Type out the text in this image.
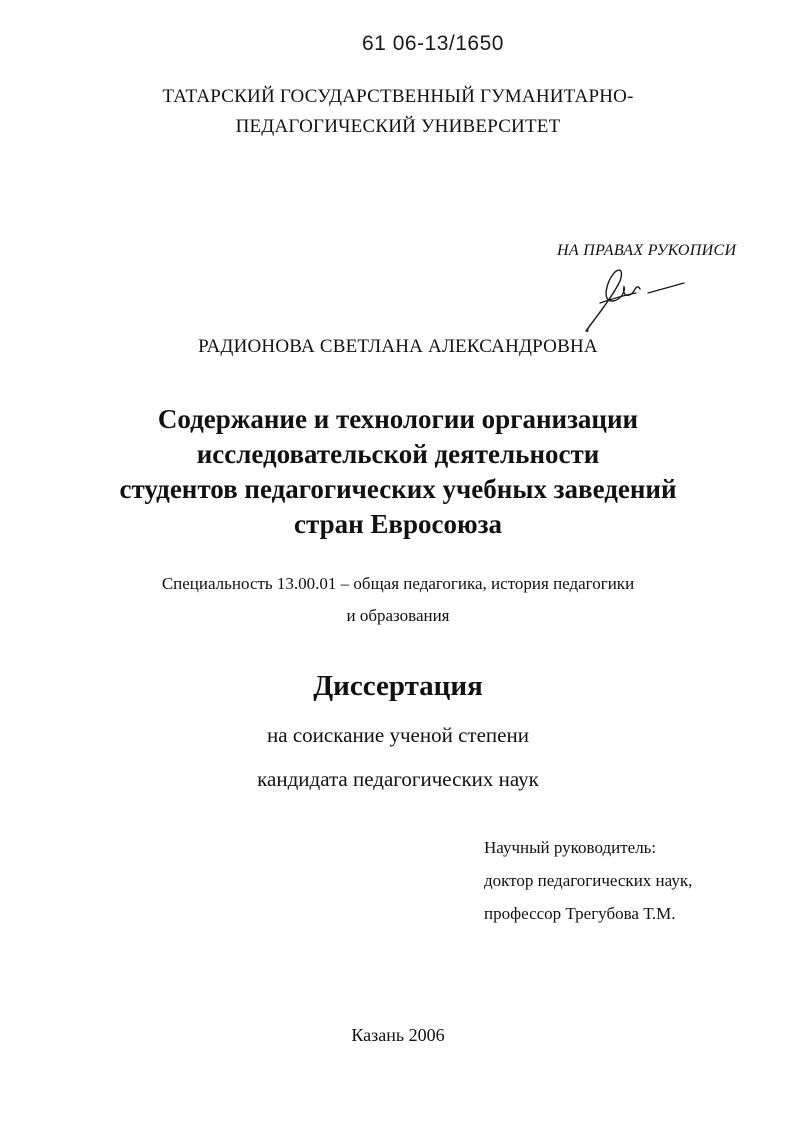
61 06-13/1650
ТАТАРСКИЙ ГОСУДАРСТВЕННЫЙ ГУМАНИТАРНО-
ПЕДАГОГИЧЕСКИЙ УНИВЕРСИТЕТ
НА ПРАВАХ РУКОПИСИ
РАДИОНОВА СВЕТЛАНА АЛЕКСАНДРОВНА
Содержание и технологии организации
исследовательской деятельности
студентов педагогических учебных заведений
стран Евросоюза
Специальность 13.00.01 – общая педагогика, история педагогики
и образования
Диссертация
на соискание ученой степени
кандидата педагогических наук
Научный руководитель:
доктор педагогических наук,
профессор Трегубова Т.М.
Казань 2006
